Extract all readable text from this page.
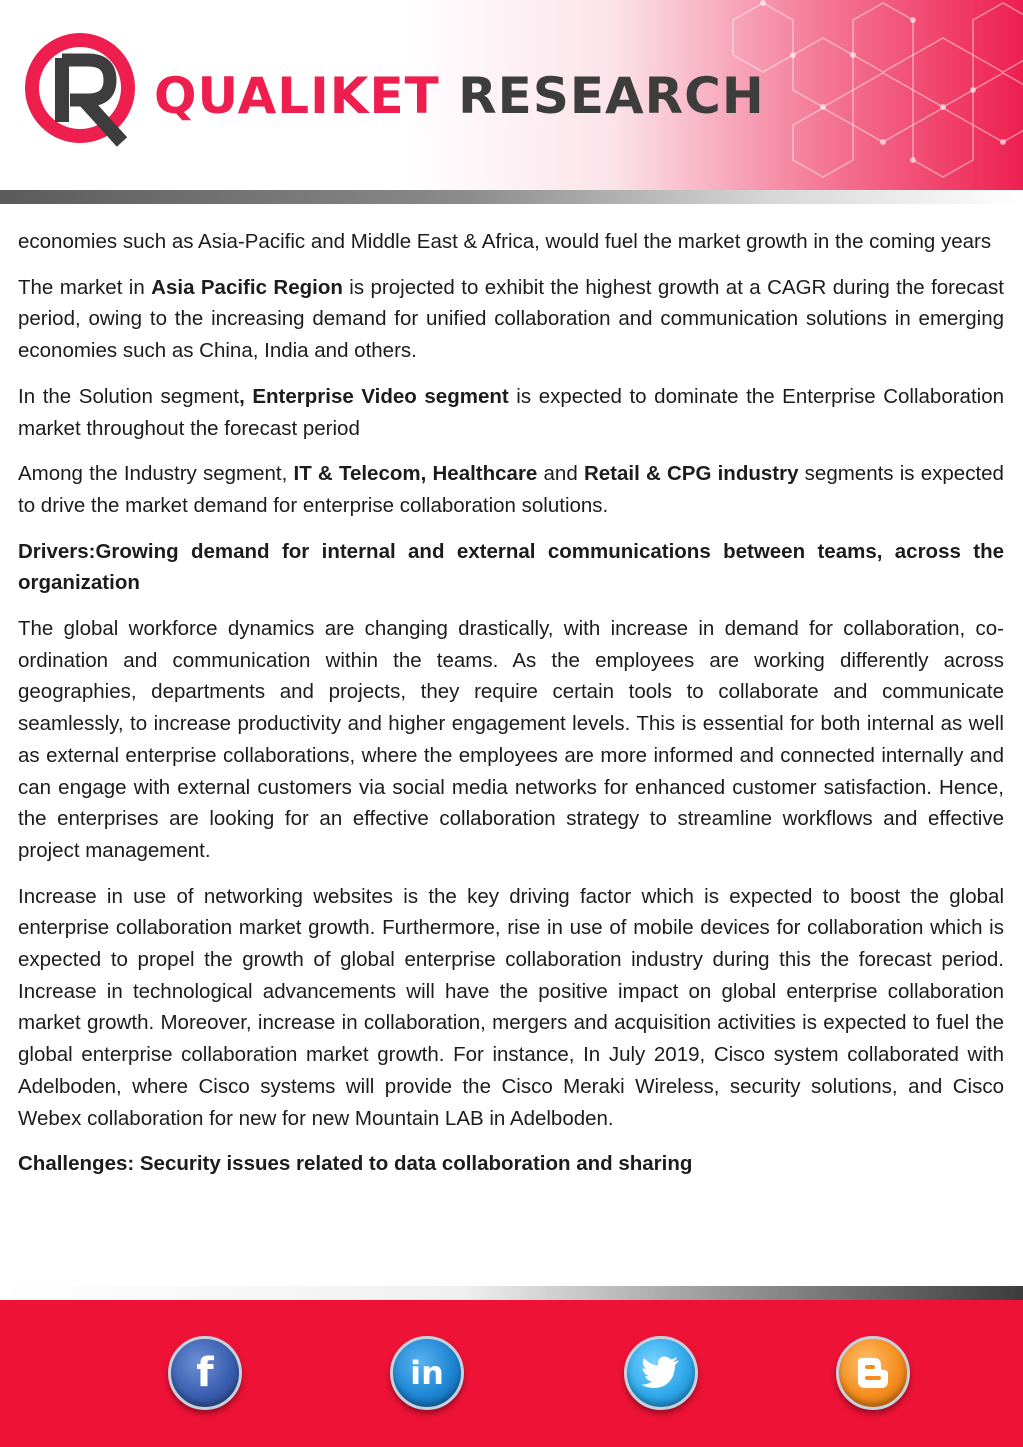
QUALIKET RESEARCH

economies such as Asia-Pacific and Middle East & Africa, would fuel the market growth in the coming years

The market in Asia Pacific Region is projected to exhibit the highest growth at a CAGR during the forecast period, owing to the increasing demand for unified collaboration and communication solutions in emerging economies such as China, India and others.

In the Solution segment, Enterprise Video segment is expected to dominate the Enterprise Collaboration market throughout the forecast period

Among the Industry segment, IT & Telecom, Healthcare and Retail & CPG industry segments is expected to drive the market demand for enterprise collaboration solutions.

Drivers:Growing demand for internal and external communications between teams, across the organization

The global workforce dynamics are changing drastically, with increase in demand for collaboration, co-ordination and communication within the teams. As the employees are working differently across geographies, departments and projects, they require certain tools to collaborate and communicate seamlessly, to increase productivity and higher engagement levels. This is essential for both internal as well as external enterprise collaborations, where the employees are more informed and connected internally and can engage with external customers via social media networks for enhanced customer satisfaction. Hence, the enterprises are looking for an effective collaboration strategy to streamline workflows and effective project management.

Increase in use of networking websites is the key driving factor which is expected to boost the global enterprise collaboration market growth. Furthermore, rise in use of mobile devices for collaboration which is expected to propel the growth of global enterprise collaboration industry during this the forecast period. Increase in technological advancements will have the positive impact on global enterprise collaboration market growth. Moreover, increase in collaboration, mergers and acquisition activities is expected to fuel the global enterprise collaboration market growth. For instance, In July 2019, Cisco system collaborated with Adelboden, where Cisco systems will provide the Cisco Meraki Wireless, security solutions, and Cisco Webex collaboration for new for new Mountain LAB in Adelboden.

Challenges: Security issues related to data collaboration and sharing

f	in
